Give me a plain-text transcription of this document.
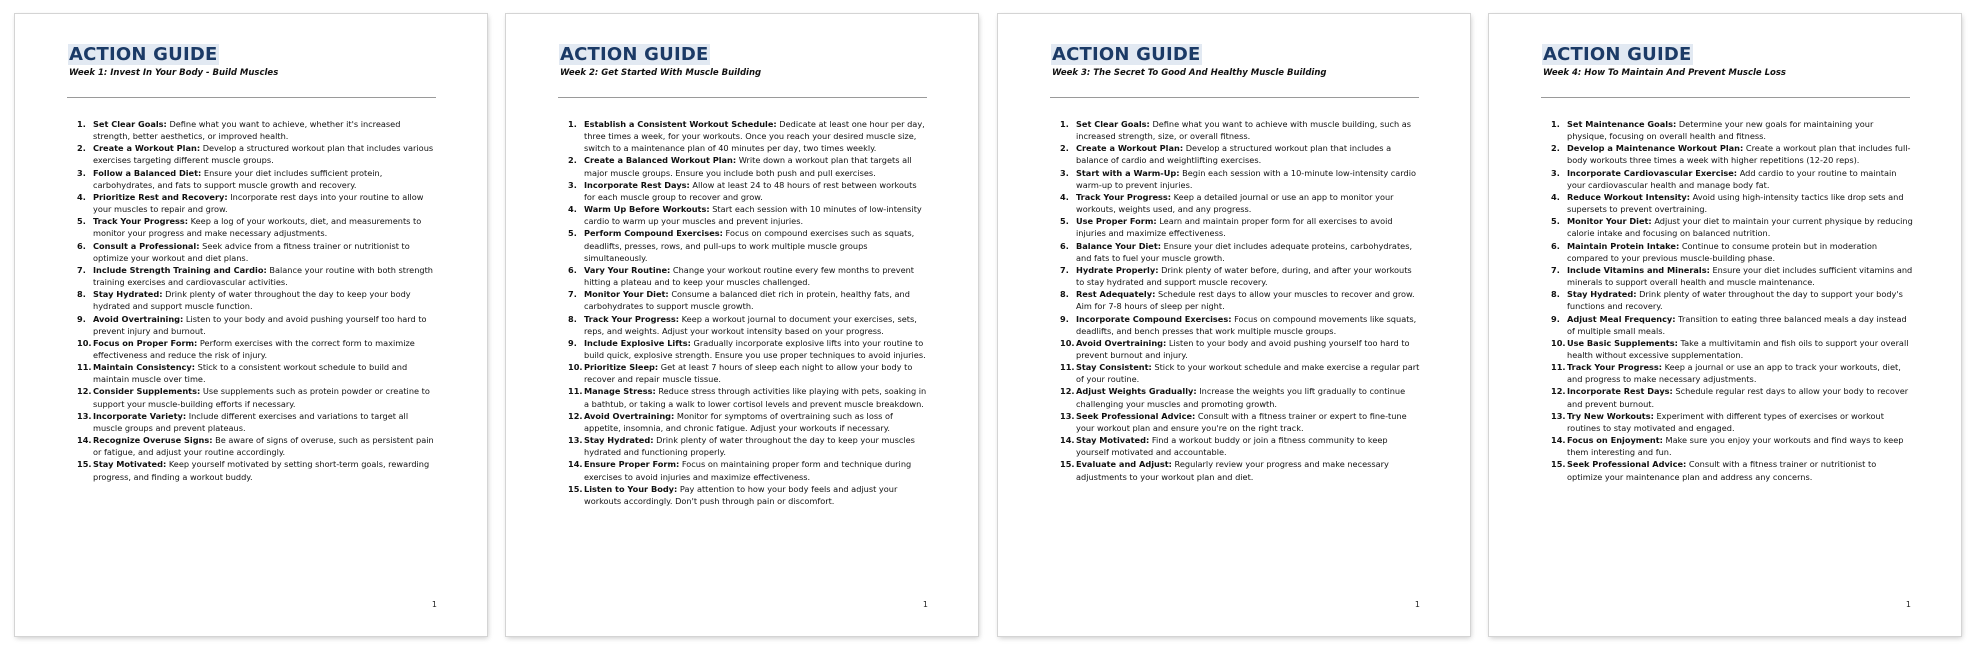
ACTION GUIDE
Week 1: Invest In Your Body - Build Muscles
1. Set Clear Goals: Define what you want to achieve, whether it's increased strength, better aesthetics, or improved health.
2. Create a Workout Plan: Develop a structured workout plan that includes various exercises targeting different muscle groups.
3. Follow a Balanced Diet: Ensure your diet includes sufficient protein, carbohydrates, and fats to support muscle growth and recovery.
4. Prioritize Rest and Recovery: Incorporate rest days into your routine to allow your muscles to repair and grow.
5. Track Your Progress: Keep a log of your workouts, diet, and measurements to monitor your progress and make necessary adjustments.
6. Consult a Professional: Seek advice from a fitness trainer or nutritionist to optimize your workout and diet plans.
7. Include Strength Training and Cardio: Balance your routine with both strength training exercises and cardiovascular activities.
8. Stay Hydrated: Drink plenty of water throughout the day to keep your body hydrated and support muscle function.
9. Avoid Overtraining: Listen to your body and avoid pushing yourself too hard to prevent injury and burnout.
10. Focus on Proper Form: Perform exercises with the correct form to maximize effectiveness and reduce the risk of injury.
11. Maintain Consistency: Stick to a consistent workout schedule to build and maintain muscle over time.
12. Consider Supplements: Use supplements such as protein powder or creatine to support your muscle-building efforts if necessary.
13. Incorporate Variety: Include different exercises and variations to target all muscle groups and prevent plateaus.
14. Recognize Overuse Signs: Be aware of signs of overuse, such as persistent pain or fatigue, and adjust your routine accordingly.
15. Stay Motivated: Keep yourself motivated by setting short-term goals, rewarding progress, and finding a workout buddy.
1
ACTION GUIDE
Week 2: Get Started With Muscle Building
1. Establish a Consistent Workout Schedule: Dedicate at least one hour per day, three times a week, for your workouts. Once you reach your desired muscle size, switch to a maintenance plan of 40 minutes per day, two times weekly.
2. Create a Balanced Workout Plan: Write down a workout plan that targets all major muscle groups. Ensure you include both push and pull exercises.
3. Incorporate Rest Days: Allow at least 24 to 48 hours of rest between workouts for each muscle group to recover and grow.
4. Warm Up Before Workouts: Start each session with 10 minutes of low-intensity cardio to warm up your muscles and prevent injuries.
5. Perform Compound Exercises: Focus on compound exercises such as squats, deadlifts, presses, rows, and pull-ups to work multiple muscle groups simultaneously.
6. Vary Your Routine: Change your workout routine every few months to prevent hitting a plateau and to keep your muscles challenged.
7. Monitor Your Diet: Consume a balanced diet rich in protein, healthy fats, and carbohydrates to support muscle growth.
8. Track Your Progress: Keep a workout journal to document your exercises, sets, reps, and weights. Adjust your workout intensity based on your progress.
9. Include Explosive Lifts: Gradually incorporate explosive lifts into your routine to build quick, explosive strength. Ensure you use proper techniques to avoid injuries.
10. Prioritize Sleep: Get at least 7 hours of sleep each night to allow your body to recover and repair muscle tissue.
11. Manage Stress: Reduce stress through activities like playing with pets, soaking in a bathtub, or taking a walk to lower cortisol levels and prevent muscle breakdown.
12. Avoid Overtraining: Monitor for symptoms of overtraining such as loss of appetite, insomnia, and chronic fatigue. Adjust your workouts if necessary.
13. Stay Hydrated: Drink plenty of water throughout the day to keep your muscles hydrated and functioning properly.
14. Ensure Proper Form: Focus on maintaining proper form and technique during exercises to avoid injuries and maximize effectiveness.
15. Listen to Your Body: Pay attention to how your body feels and adjust your workouts accordingly. Don't push through pain or discomfort.
1
ACTION GUIDE
Week 3: The Secret To Good And Healthy Muscle Building
1. Set Clear Goals: Define what you want to achieve with muscle building, such as increased strength, size, or overall fitness.
2. Create a Workout Plan: Develop a structured workout plan that includes a balance of cardio and weightlifting exercises.
3. Start with a Warm-Up: Begin each session with a 10-minute low-intensity cardio warm-up to prevent injuries.
4. Track Your Progress: Keep a detailed journal or use an app to monitor your workouts, weights used, and any progress.
5. Use Proper Form: Learn and maintain proper form for all exercises to avoid injuries and maximize effectiveness.
6. Balance Your Diet: Ensure your diet includes adequate proteins, carbohydrates, and fats to fuel your muscle growth.
7. Hydrate Properly: Drink plenty of water before, during, and after your workouts to stay hydrated and support muscle recovery.
8. Rest Adequately: Schedule rest days to allow your muscles to recover and grow. Aim for 7-8 hours of sleep per night.
9. Incorporate Compound Exercises: Focus on compound movements like squats, deadlifts, and bench presses that work multiple muscle groups.
10. Avoid Overtraining: Listen to your body and avoid pushing yourself too hard to prevent burnout and injury.
11. Stay Consistent: Stick to your workout schedule and make exercise a regular part of your routine.
12. Adjust Weights Gradually: Increase the weights you lift gradually to continue challenging your muscles and promoting growth.
13. Seek Professional Advice: Consult with a fitness trainer or expert to fine-tune your workout plan and ensure you're on the right track.
14. Stay Motivated: Find a workout buddy or join a fitness community to keep yourself motivated and accountable.
15. Evaluate and Adjust: Regularly review your progress and make necessary adjustments to your workout plan and diet.
1
ACTION GUIDE
Week 4: How To Maintain And Prevent Muscle Loss
1. Set Maintenance Goals: Determine your new goals for maintaining your physique, focusing on overall health and fitness.
2. Develop a Maintenance Workout Plan: Create a workout plan that includes full-body workouts three times a week with higher repetitions (12-20 reps).
3. Incorporate Cardiovascular Exercise: Add cardio to your routine to maintain your cardiovascular health and manage body fat.
4. Reduce Workout Intensity: Avoid using high-intensity tactics like drop sets and supersets to prevent overtraining.
5. Monitor Your Diet: Adjust your diet to maintain your current physique by reducing calorie intake and focusing on balanced nutrition.
6. Maintain Protein Intake: Continue to consume protein but in moderation compared to your previous muscle-building phase.
7. Include Vitamins and Minerals: Ensure your diet includes sufficient vitamins and minerals to support overall health and muscle maintenance.
8. Stay Hydrated: Drink plenty of water throughout the day to support your body's functions and recovery.
9. Adjust Meal Frequency: Transition to eating three balanced meals a day instead of multiple small meals.
10. Use Basic Supplements: Take a multivitamin and fish oils to support your overall health without excessive supplementation.
11. Track Your Progress: Keep a journal or use an app to track your workouts, diet, and progress to make necessary adjustments.
12. Incorporate Rest Days: Schedule regular rest days to allow your body to recover and prevent burnout.
13. Try New Workouts: Experiment with different types of exercises or workout routines to stay motivated and engaged.
14. Focus on Enjoyment: Make sure you enjoy your workouts and find ways to keep them interesting and fun.
15. Seek Professional Advice: Consult with a fitness trainer or nutritionist to optimize your maintenance plan and address any concerns.
1
